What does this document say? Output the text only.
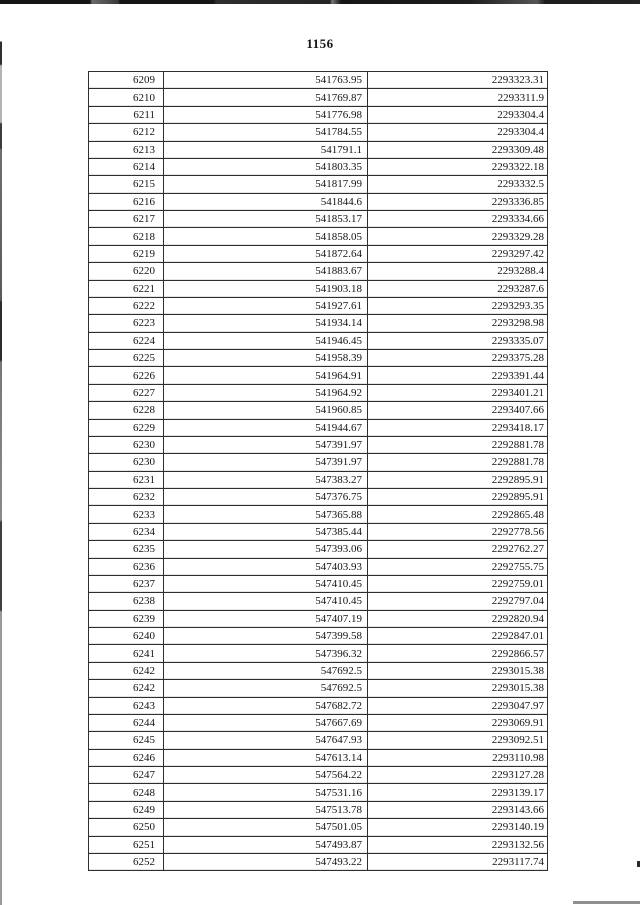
1156
6209	541763.95	2293323.31
6210	541769.87	2293311.9
6211	541776.98	2293304.4
6212	541784.55	2293304.4
6213	541791.1	2293309.48
6214	541803.35	2293322.18
6215	541817.99	2293332.5
6216	541844.6	2293336.85
6217	541853.17	2293334.66
6218	541858.05	2293329.28
6219	541872.64	2293297.42
6220	541883.67	2293288.4
6221	541903.18	2293287.6
6222	541927.61	2293293.35
6223	541934.14	2293298.98
6224	541946.45	2293335.07
6225	541958.39	2293375.28
6226	541964.91	2293391.44
6227	541964.92	2293401.21
6228	541960.85	2293407.66
6229	541944.67	2293418.17
6230	547391.97	2292881.78
6230	547391.97	2292881.78
6231	547383.27	2292895.91
6232	547376.75	2292895.91
6233	547365.88	2292865.48
6234	547385.44	2292778.56
6235	547393.06	2292762.27
6236	547403.93	2292755.75
6237	547410.45	2292759.01
6238	547410.45	2292797.04
6239	547407.19	2292820.94
6240	547399.58	2292847.01
6241	547396.32	2292866.57
6242	547692.5	2293015.38
6242	547692.5	2293015.38
6243	547682.72	2293047.97
6244	547667.69	2293069.91
6245	547647.93	2293092.51
6246	547613.14	2293110.98
6247	547564.22	2293127.28
6248	547531.16	2293139.17
6249	547513.78	2293143.66
6250	547501.05	2293140.19
6251	547493.87	2293132.56
6252	547493.22	2293117.74
